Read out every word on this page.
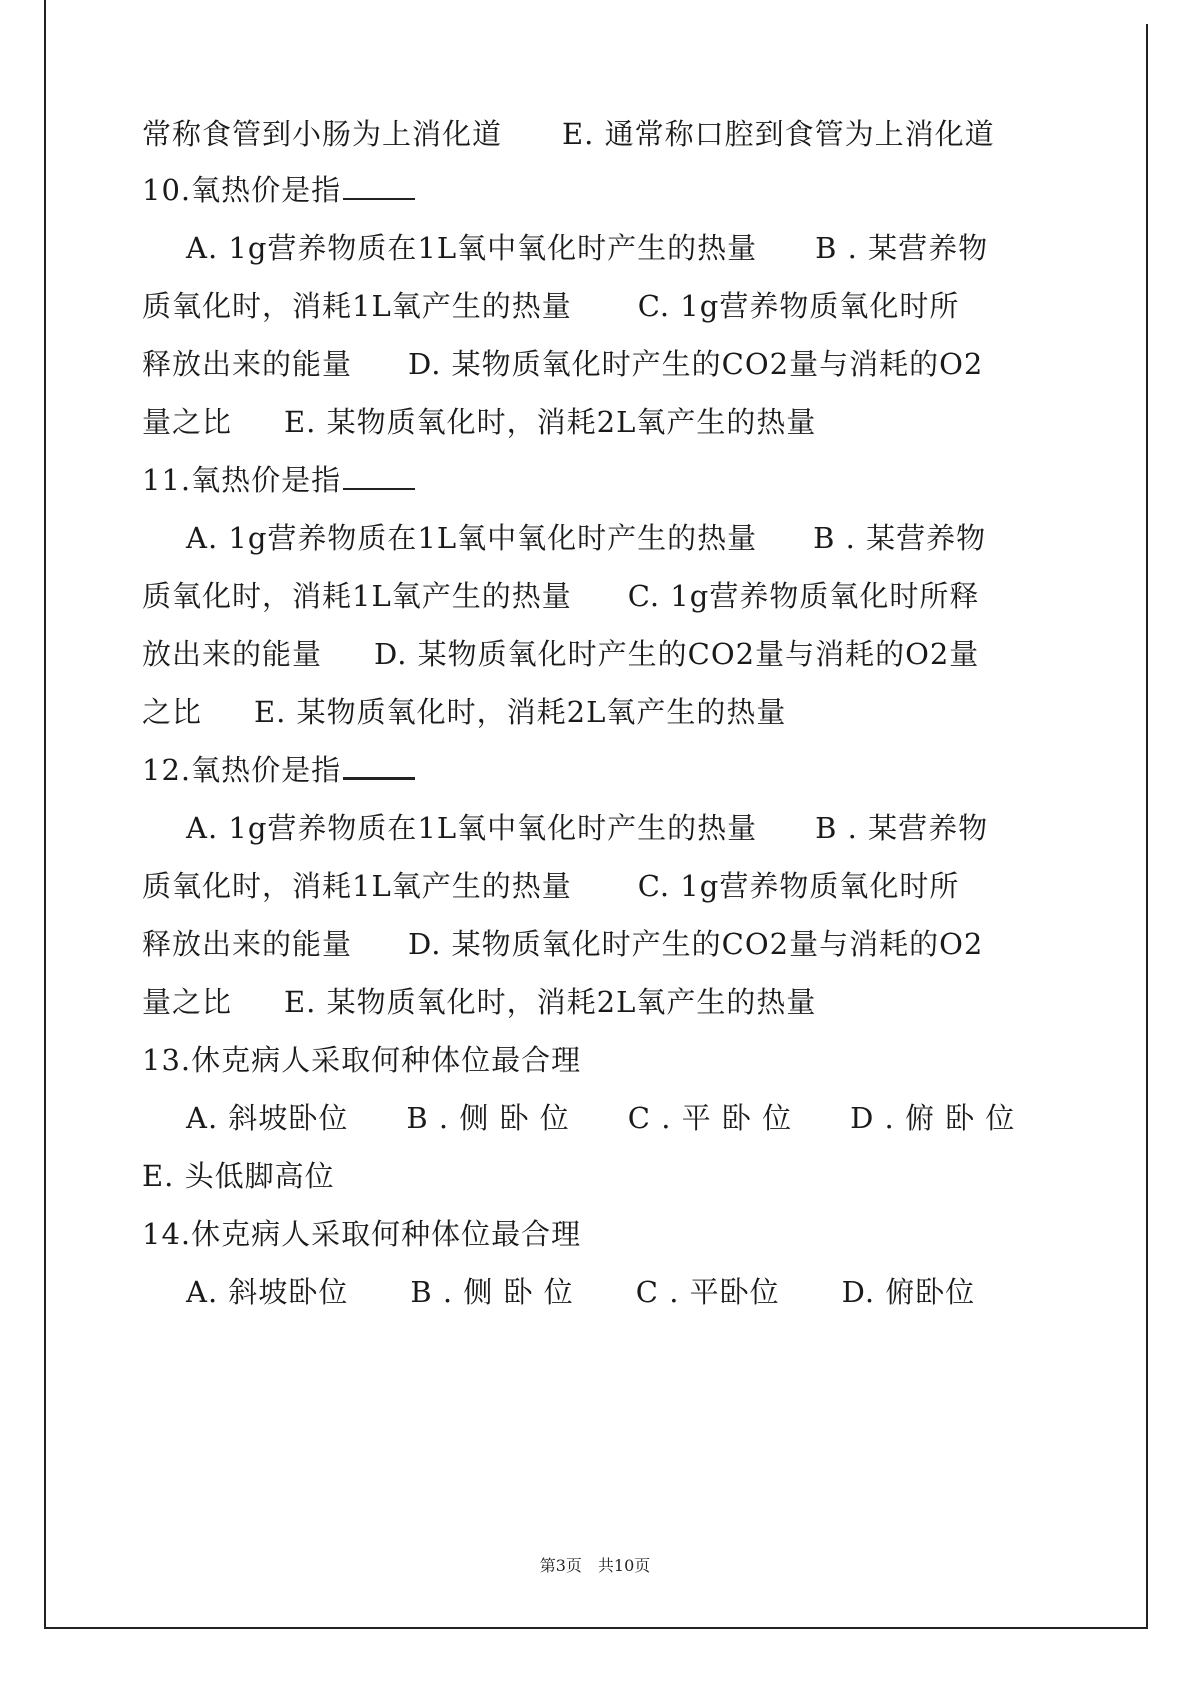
常称食管到小肠为上消化道 E. 通常称口腔到食管为上消化道
10.氧热价是指
A. 1g营养物质在1L氧中氧化时产生的热量 B . 某营养物
质氧化时，消耗1L氧产生的热量 C. 1g营养物质氧化时所
释放出来的能量 D. 某物质氧化时产生的CO2量与消耗的O2
量之比 E. 某物质氧化时，消耗2L氧产生的热量
11.氧热价是指
A. 1g营养物质在1L氧中氧化时产生的热量 B . 某营养物
质氧化时，消耗1L氧产生的热量 C. 1g营养物质氧化时所释
放出来的能量 D. 某物质氧化时产生的CO2量与消耗的O2量
之比 E. 某物质氧化时，消耗2L氧产生的热量
12.氧热价是指
A. 1g营养物质在1L氧中氧化时产生的热量 B . 某营养物
质氧化时，消耗1L氧产生的热量 C. 1g营养物质氧化时所
释放出来的能量 D. 某物质氧化时产生的CO2量与消耗的O2
量之比 E. 某物质氧化时，消耗2L氧产生的热量
13.休克病人采取何种体位最合理
A. 斜坡卧位 B . 侧 卧 位 C . 平 卧 位 D . 俯 卧 位
E. 头低脚高位
14.休克病人采取何种体位最合理
A. 斜坡卧位 B . 侧 卧 位 C . 平卧位 D. 俯卧位
第3页 共10页
